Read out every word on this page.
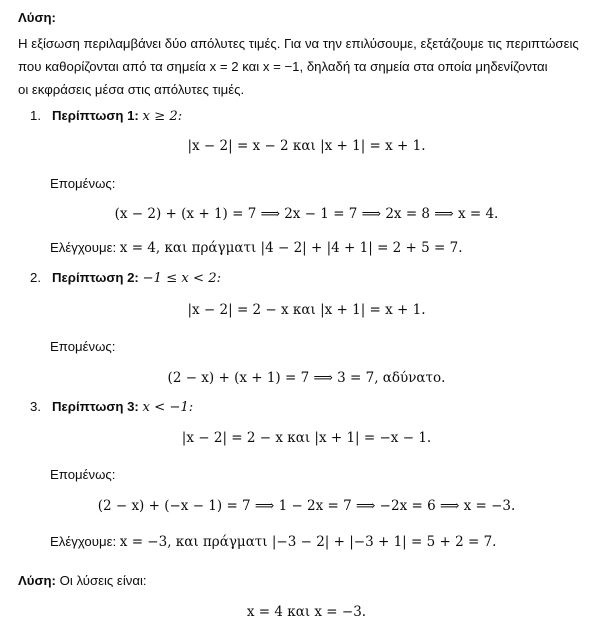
Λύση:
Η εξίσωση περιλαμβάνει δύο απόλυτες τιμές. Για να την επιλύσουμε, εξετάζουμε τις περιπτώσεις
που καθορίζονται από τα σημεία x = 2 και x = −1, δηλαδή τα σημεία στα οποία μηδενίζονται
οι εκφράσεις μέσα στις απόλυτες τιμές.
1. Περίπτωση 1: x ≥ 2:
|x − 2| = x − 2 και |x + 1| = x + 1.
Επομένως:
(x − 2) + (x + 1) = 7 ⟹ 2x − 1 = 7 ⟹ 2x = 8 ⟹ x = 4.
Ελέγχουμε: x = 4, και πράγματι |4 − 2| + |4 + 1| = 2 + 5 = 7.
2. Περίπτωση 2: −1 ≤ x < 2:
|x − 2| = 2 − x και |x + 1| = x + 1.
Επομένως:
(2 − x) + (x + 1) = 7 ⟹ 3 = 7, αδύνατο.
3. Περίπτωση 3: x < −1:
|x − 2| = 2 − x και |x + 1| = −x − 1.
Επομένως:
(2 − x) + (−x − 1) = 7 ⟹ 1 − 2x = 7 ⟹ −2x = 6 ⟹ x = −3.
Ελέγχουμε: x = −3, και πράγματι |−3 − 2| + |−3 + 1| = 5 + 2 = 7.
Λύση: Οι λύσεις είναι:
x = 4 και x = −3.
